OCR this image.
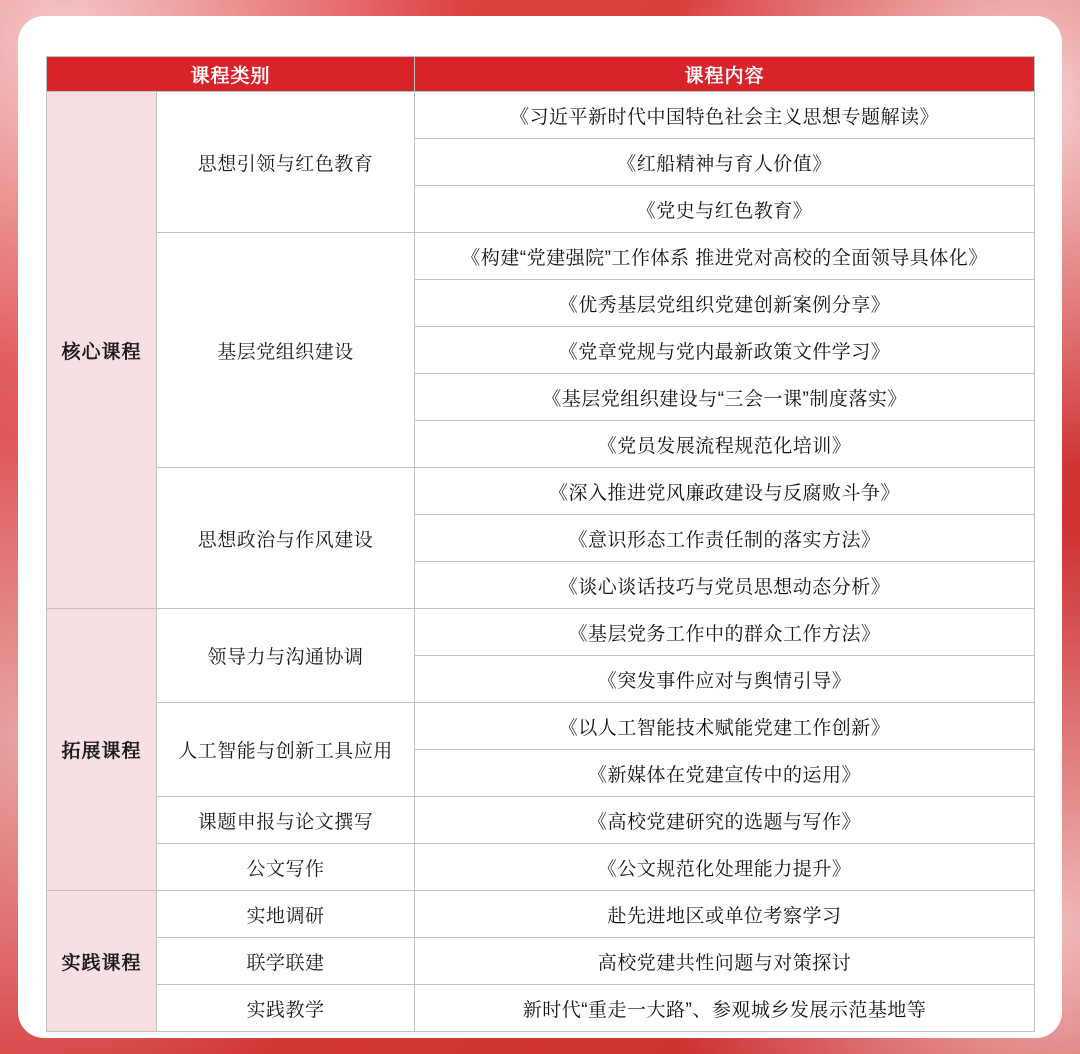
课程类别		课程内容
核心课程	思想引领与红色教育	《习近平新时代中国特色社会主义思想专题解读》
		《红船精神与育人价值》
		《党史与红色教育》
	基层党组织建设	《构建“党建强院”工作体系 推进党对高校的全面领导具体化》
		《优秀基层党组织党建创新案例分享》
		《党章党规与党内最新政策文件学习》
		《基层党组织建设与“三会一课”制度落实》
		《党员发展流程规范化培训》
	思想政治与作风建设	《深入推进党风廉政建设与反腐败斗争》
		《意识形态工作责任制的落实方法》
		《谈心谈话技巧与党员思想动态分析》
拓展课程	领导力与沟通协调	《基层党务工作中的群众工作方法》
		《突发事件应对与舆情引导》
	人工智能与创新工具应用	《以人工智能技术赋能党建工作创新》
		《新媒体在党建宣传中的运用》
	课题申报与论文撰写	《高校党建研究的选题与写作》
	公文写作	《公文规范化处理能力提升》
实践课程	实地调研	赴先进地区或单位考察学习
	联学联建	高校党建共性问题与对策探讨
	实践教学	新时代“重走一大路”、参观城乡发展示范基地等
